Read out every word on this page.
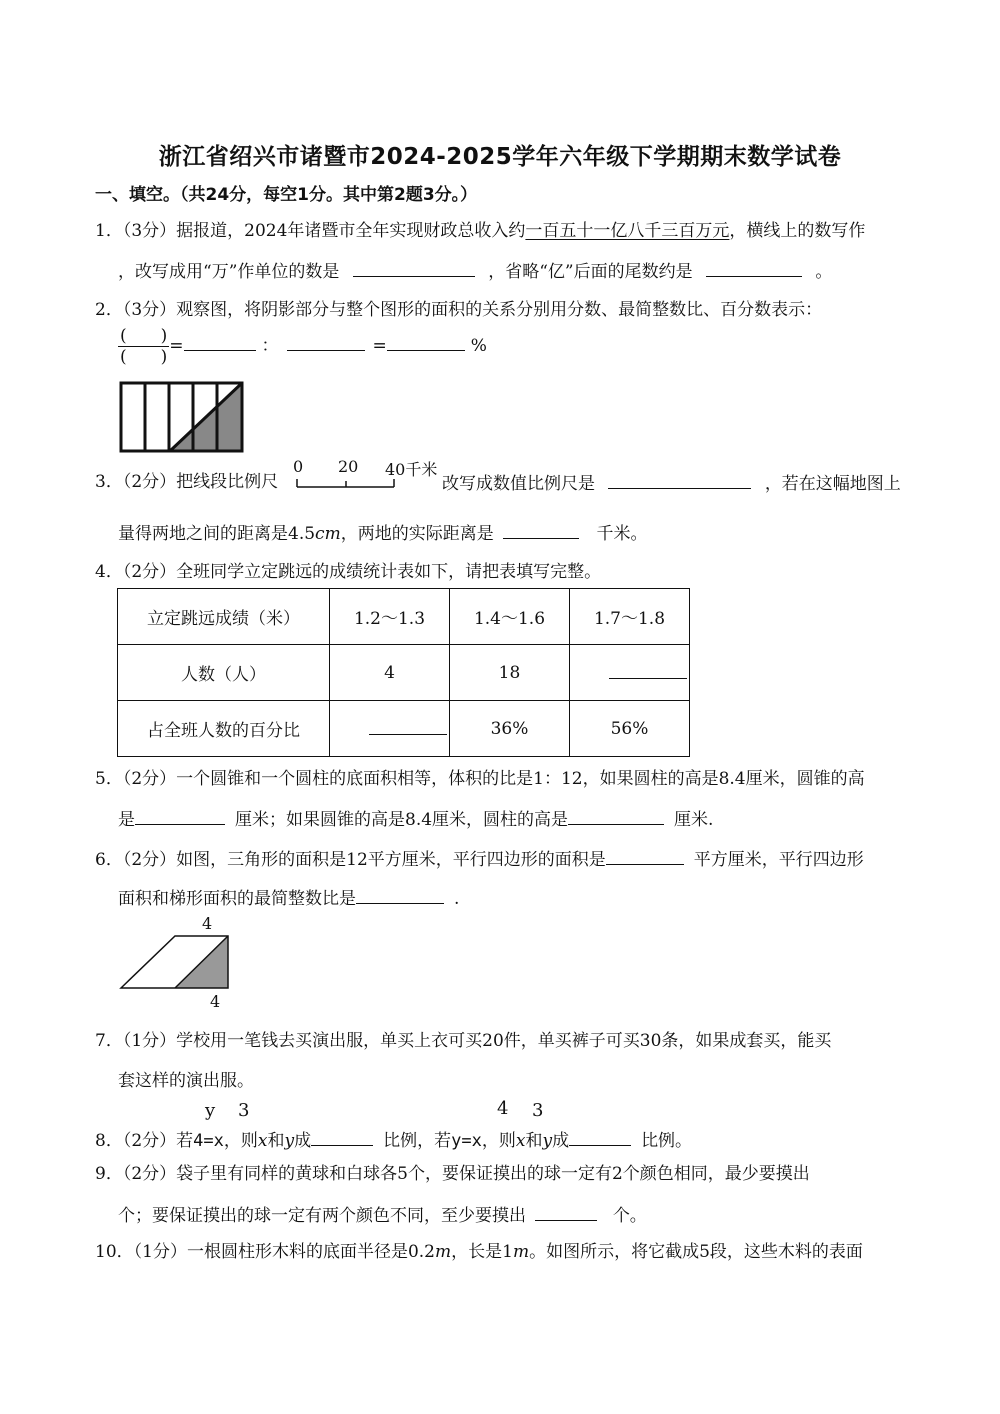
浙江省绍兴市诸暨市2024-2025学年六年级下学期期末数学试卷
一、填空。（共24分，每空1分。其中第2题3分。）
1．（3分）据报道，2024年诸暨市全年实现财政总收入约一百五十一亿八千三百万元，横线上的数写作
，改写成用“万”作单位的数是	，省略“亿”后面的尾数约是	。
2．（3分）观察图，将阴影部分与整个图形的面积的关系分别用分数、最简整数比、百分数表示：
$\frac{( )}{( )}$ =	：	=	%
3．（2分）把线段比例尺
0 20 40千米
改写成数值比例尺是	，若在这幅地图上
量得两地之间的距离是4.5cm，两地的实际距离是	千米。
4．（2分）全班同学立定跳远的成绩统计表如下，请把表填写完整。
立定跳远成绩（米）	1.2～1.3	1.4～1.6	1.7～1.8
人数（人）	4	18	
占全班人数的百分比		36%	56%
5．（2分）一个圆锥和一个圆柱的底面积相等，体积的比是1：12，如果圆柱的高是8.4厘米，圆锥的高
是	厘米；如果圆锥的高是8.4厘米，圆柱的高是	厘米.
6．（2分）如图，三角形的面积是12平方厘米，平行四边形的面积是	平方厘米，平行四边形
面积和梯形面积的最简整数比是	.
4
4
7．（1分）学校用一笔钱去买演出服，单买上衣可买20件，单买裤子可买30条，如果成套买，能买
套这样的演出服。
y 3	4 3
8．（2分）若4=x，则x和y成	比例，若y=x，则x和y成	比例。
9．（2分）袋子里有同样的黄球和白球各5个，要保证摸出的球一定有2个颜色相同，最少要摸出
个；要保证摸出的球一定有两个颜色不同，至少要摸出	个。
10．（1分）一根圆柱形木料的底面半径是0.2m，长是1m。如图所示，将它截成5段，这些木料的表面
